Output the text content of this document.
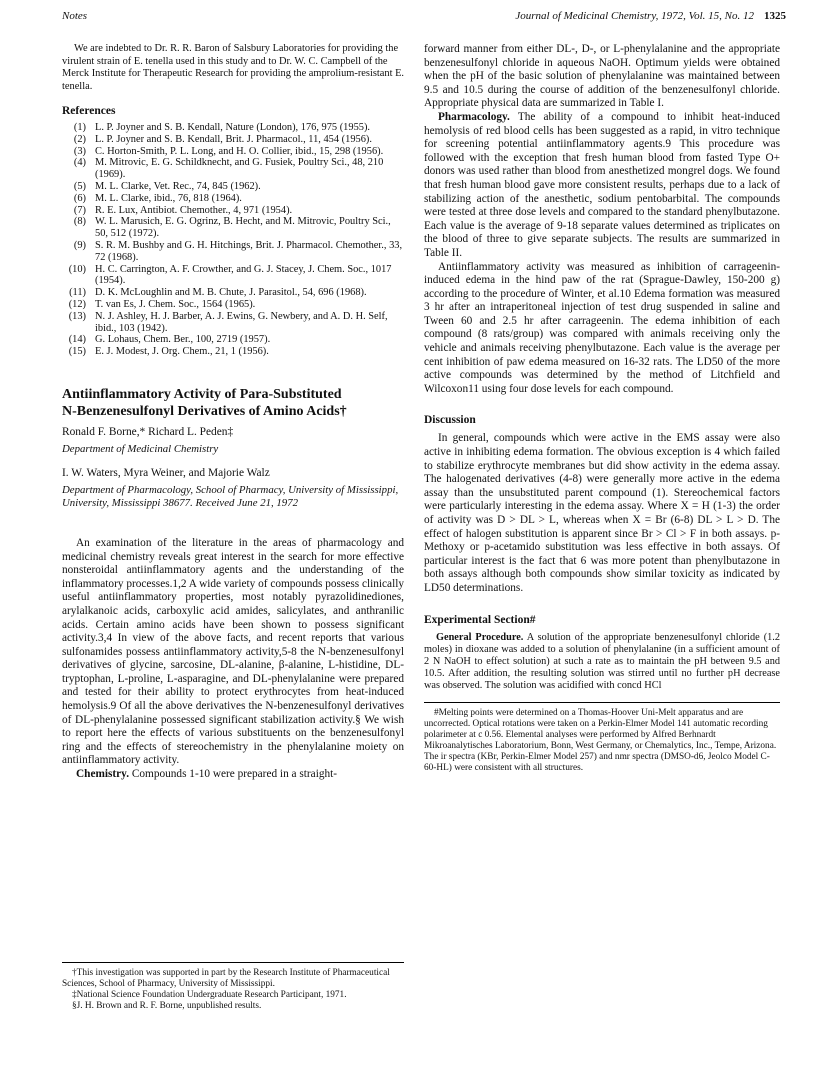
Notes	Journal of Medicinal Chemistry, 1972, Vol. 15, No. 12 1325

We are indebted to Dr. R. R. Baron of Salsbury Laboratories for providing the virulent strain of E. tenella used in this study and to Dr. W. C. Campbell of the Merck Institute for Therapeutic Research for providing the amprolium-resistant E. tenella.

References
(1) L. P. Joyner and S. B. Kendall, Nature (London), 176, 975 (1955).
(2) L. P. Joyner and S. B. Kendall, Brit. J. Pharmacol., 11, 454 (1956).
(3) C. Horton-Smith, P. L. Long, and H. O. Collier, ibid., 15, 298 (1956).
(4) M. Mitrovic, E. G. Schildknecht, and G. Fusiek, Poultry Sci., 48, 210 (1969).
(5) M. L. Clarke, Vet. Rec., 74, 845 (1962).
(6) M. L. Clarke, ibid., 76, 818 (1964).
(7) R. E. Lux, Antibiot. Chemother., 4, 971 (1954).
(8) W. L. Marusich, E. G. Ogrinz, B. Hecht, and M. Mitrovic, Poultry Sci., 50, 512 (1972).
(9) S. R. M. Bushby and G. H. Hitchings, Brit. J. Pharmacol. Chemother., 33, 72 (1968).
(10) H. C. Carrington, A. F. Crowther, and G. J. Stacey, J. Chem. Soc., 1017 (1954).
(11) D. K. McLoughlin and M. B. Chute, J. Parasitol., 54, 696 (1968).
(12) T. van Es, J. Chem. Soc., 1564 (1965).
(13) N. J. Ashley, H. J. Barber, A. J. Ewins, G. Newbery, and A. D. H. Self, ibid., 103 (1942).
(14) G. Lohaus, Chem. Ber., 100, 2719 (1957).
(15) E. J. Modest, J. Org. Chem., 21, 1 (1956).
Antiinflammatory Activity of Para-Substituted
N-Benzenesulfonyl Derivatives of Amino Acids†
Ronald F. Borne,* Richard L. Peden‡
Department of Medicinal Chemistry
I. W. Waters, Myra Weiner, and Majorie Walz
Department of Pharmacology, School of Pharmacy, University of Mississippi, University, Mississippi 38677. Received June 21, 1972

An examination of the literature in the areas of pharmacology and medicinal chemistry reveals great interest in the search for more effective nonsteroidal antiinflammatory agents and the understanding of the inflammatory processes.1,2 A wide variety of compounds possess clinically useful antiinflammatory properties, most notably pyrazolidinediones, arylalkanoic acids, carboxylic acid amides, salicylates, and anthranilic acids. Certain amino acids have been shown to possess significant activity.3,4 In view of the above facts, and recent reports that various sulfonamides possess antiinflammatory activity,5-8 the N-benzenesulfonyl derivatives of glycine, sarcosine, DL-alanine, β-alanine, L-histidine, DL-tryptophan, L-proline, L-asparagine, and DL-phenylalanine were prepared and tested for their ability to protect erythrocytes from heat-induced hemolysis.9 Of all the above derivatives the N-benzenesulfonyl derivatives of DL-phenylalanine possessed significant stabilization activity.§ We wish to report here the effects of various substituents on the benzenesulfonyl ring and the effects of stereochemistry in the phenylalanine moiety on antiinflammatory activity.

Chemistry. Compounds 1-10 were prepared in a straight-

†This investigation was supported in part by the Research Institute of Pharmaceutical Sciences, School of Pharmacy, University of Mississippi.

‡National Science Foundation Undergraduate Research Participant, 1971.

§J. H. Brown and R. F. Borne, unpublished results.

forward manner from either DL-, D-, or L-phenylalanine and the appropriate benzenesulfonyl chloride in aqueous NaOH. Optimum yields were obtained when the pH of the basic solution of phenylalanine was maintained between 9.5 and 10.5 during the course of addition of the benzenesulfonyl chloride. Appropriate physical data are summarized in Table I.

Pharmacology. The ability of a compound to inhibit heat-induced hemolysis of red blood cells has been suggested as a rapid, in vitro technique for screening potential antiinflammatory agents.9 This procedure was followed with the exception that fresh human blood from fasted Type O+ donors was used rather than blood from anesthetized mongrel dogs. We found that fresh human blood gave more consistent results, perhaps due to a lack of stabilizing action of the anesthetic, sodium pentobarbital. The compounds were tested at three dose levels and compared to the standard phenylbutazone. Each value is the average of 9-18 separate values determined as triplicates on the blood of three to give separate subjects. The results are summarized in Table II.

Antiinflammatory activity was measured as inhibition of carrageenin-induced edema in the hind paw of the rat (Sprague-Dawley, 150-200 g) according to the procedure of Winter, et al.10 Edema formation was measured 3 hr after an intraperitoneal injection of test drug suspended in saline and Tween 60 and 2.5 hr after carrageenin. The edema inhibition of each compound (8 rats/group) was compared with animals receiving only the vehicle and animals receiving phenylbutazone. Each value is the average per cent inhibition of paw edema measured on 16-32 rats. The LD50 of the more active compounds was determined by the method of Litchfield and Wilcoxon11 using four dose levels for each compound.

Discussion

In general, compounds which were active in the EMS assay were also active in inhibiting edema formation. The obvious exception is 4 which failed to stabilize erythrocyte membranes but did show activity in the edema assay. The halogenated derivatives (4-8) were generally more active in the edema assay than the unsubstituted parent compound (1). Stereochemical factors were particularly interesting in the edema assay. Where X = H (1-3) the order of activity was D > DL > L, whereas when X = Br (6-8) DL > L > D. The effect of halogen substitution is apparent since Br > Cl > F in both assays. p-Methoxy or p-acetamido substitution was less effective in both assays. Of particular interest is the fact that 6 was more potent than phenylbutazone in both assays although both compounds show similar toxicity as indicated by LD50 determinations.

Experimental Section#

General Procedure. A solution of the appropriate benzenesulfonyl chloride (1.2 moles) in dioxane was added to a solution of phenylalanine (in a sufficient amount of 2 N NaOH to effect solution) at such a rate as to maintain the pH between 9.5 and 10.5. After addition, the resulting solution was stirred until no further pH decrease was observed. The solution was acidified with concd HCl

#Melting points were determined on a Thomas-Hoover Uni-Melt apparatus and are uncorrected. Optical rotations were taken on a Perkin-Elmer Model 141 automatic recording polarimeter at c 0.56. Elemental analyses were performed by Alfred Berhnardt Mikroanalytisches Laboratorium, Bonn, West Germany, or Chemalytics, Inc., Tempe, Arizona. The ir spectra (KBr, Perkin-Elmer Model 257) and nmr spectra (DMSO-d6, Jeolco Model C-60-HL) were consistent with all structures.
